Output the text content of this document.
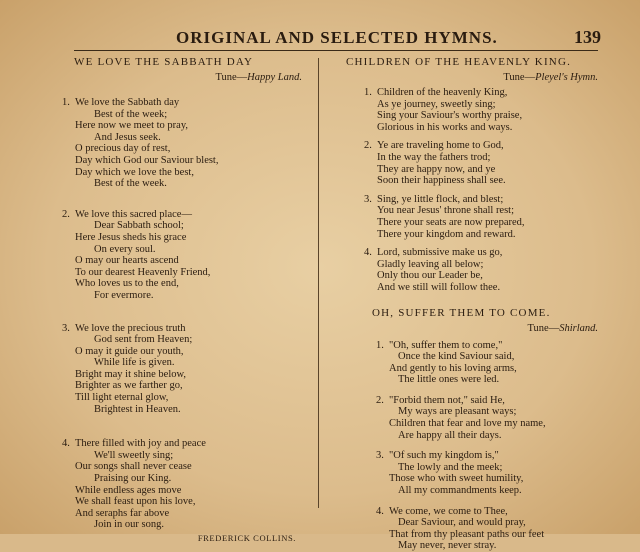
ORIGINAL AND SELECTED HYMNS.	139
WE LOVE THE SABBATH DAY
Tune—Happy Land.
1. We love the Sabbath day
Best of the week;
Here now we meet to pray,
And Jesus seek.
O precious day of rest,
Day which God our Saviour blest,
Day which we love the best,
Best of the week.
2. We love this sacred place—
Dear Sabbath school;
Here Jesus sheds his grace
On every soul.
O may our hearts ascend
To our dearest Heavenly Friend,
Who loves us to the end,
For evermore.
3. We love the precious truth
God sent from Heaven;
O may it guide our youth,
While life is given.
Bright may it shine below,
Brighter as we farther go,
Till light eternal glow,
Brightest in Heaven.
4. There filled with joy and peace
We'll sweetly sing;
Our songs shall never cease
Praising our King.
While endless ages move
We shall feast upon his love,
And seraphs far above
Join in our song.
FREDERICK COLLINS.
CHILDREN OF THE HEAVENLY KING.
Tune—Pleyel's Hymn.
1. Children of the heavenly King,
As ye journey, sweetly sing;
Sing your Saviour's worthy praise,
Glorious in his works and ways.
2. Ye are traveling home to God,
In the way the fathers trod;
They are happy now, and ye
Soon their happiness shall see.
3. Sing, ye little flock, and blest;
You near Jesus' throne shall rest;
There your seats are now prepared,
There your kingdom and reward.
4. Lord, submissive make us go,
Gladly leaving all below;
Only thou our Leader be,
And we still will follow thee.
OH, SUFFER THEM TO COME.
Tune—Shirland.
1. "Oh, suffer them to come,"
Once the kind Saviour said,
And gently to his loving arms,
The little ones were led.
2. "Forbid them not," said He,
My ways are pleasant ways;
Children that fear and love my name,
Are happy all their days.
3. "Of such my kingdom is,"
The lowly and the meek;
Those who with sweet humility,
All my commandments keep.
4. We come, we come to Thee,
Dear Saviour, and would pray,
That from thy pleasant paths our feet
May never, never stray.
